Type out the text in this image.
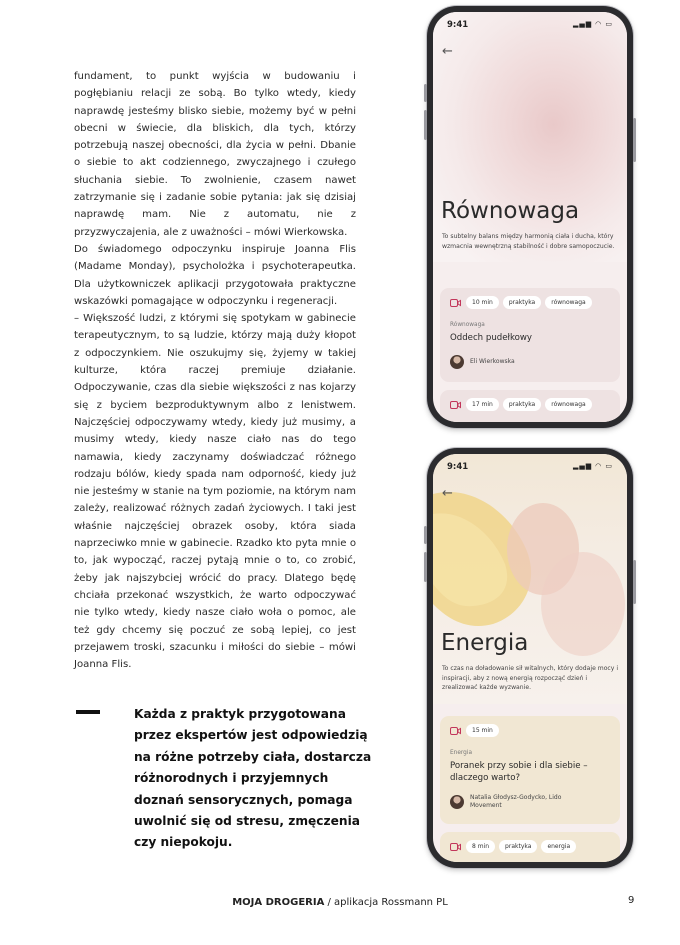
fundament, to punkt wyjścia w budowaniu i pogłębianiu relacji ze sobą. Bo tylko wtedy, kiedy naprawdę jesteśmy blisko siebie, możemy być w pełni obecni w świecie, dla bliskich, dla tych, którzy potrzebują naszej obecności, dla życia w pełni. Dbanie o siebie to akt codziennego, zwyczajnego i czułego słuchania siebie. To zwolnienie, czasem nawet zatrzymanie się i zadanie sobie pytania: jak się dzisiaj naprawdę mam. Nie z automatu, nie z przyzwyczajenia, ale z uważności – mówi Wierkowska.

Do świadomego odpoczynku inspiruje Joanna Flis (Madame Monday), psycholożka i psychoterapeutka. Dla użytkowniczek aplikacji przygotowała praktyczne wskazówki pomagające w odpoczynku i regeneracji.

– Większość ludzi, z którymi się spotykam w gabinecie terapeutycznym, to są ludzie, którzy mają duży kłopot z odpoczynkiem. Nie oszukujmy się, żyjemy w takiej kulturze, która raczej premiuje działanie. Odpoczywanie, czas dla siebie większości z nas kojarzy się z byciem bezproduktywnym albo z lenistwem. Najczęściej odpoczywamy wtedy, kiedy już musimy, a musimy wtedy, kiedy nasze ciało nas do tego namawia, kiedy zaczynamy doświadczać różnego rodzaju bólów, kiedy spada nam odporność, kiedy już nie jesteśmy w stanie na tym poziomie, na którym nam zależy, realizować różnych zadań życiowych. I taki jest właśnie najczęściej obrazek osoby, która siada naprzeciwko mnie w gabinecie. Rzadko kto pyta mnie o to, jak wypocząć, raczej pytają mnie o to, co zrobić, żeby jak najszybciej wrócić do pracy. Dlatego będę chciała przekonać wszystkich, że warto odpoczywać nie tylko wtedy, kiedy nasze ciało woła o pomoc, ale też gdy chcemy się poczuć ze sobą lepiej, co jest przejawem troski, szacunku i miłości do siebie – mówi Joanna Flis.

Każda z praktyk przygotowana przez ekspertów jest odpowiedzią na różne potrzeby ciała, dostarcza różnorodnych i przyjemnych doznań sensorycznych, pomaga uwolnić się od stresu, zmęczenia czy niepokoju.
MOJA DROGERIA / aplikacja Rossmann PL	9
9:41	▂▄▆ ◠ ▭
←
Równowaga
To subtelny balans między harmonią ciała i ducha, który wzmacnia wewnętrzną stabilność i dobre samopoczucie.
10 min	praktyka	równowaga
Równowaga
Oddech pudełkowy
Eli Wierkowska
17 min	praktyka	równowaga
9:41	▂▄▆ ◠ ▭
←
Energia
To czas na doładowanie sił witalnych, który dodaje mocy i inspiracji, aby z nową energią rozpocząć dzień i zrealizować każde wyzwanie.
15 min
Energia
Poranek przy sobie i dla siebie – dlaczego warto?
Natalia Głodysz-Godycko, Lido Movement
8 min	praktyka	energia
